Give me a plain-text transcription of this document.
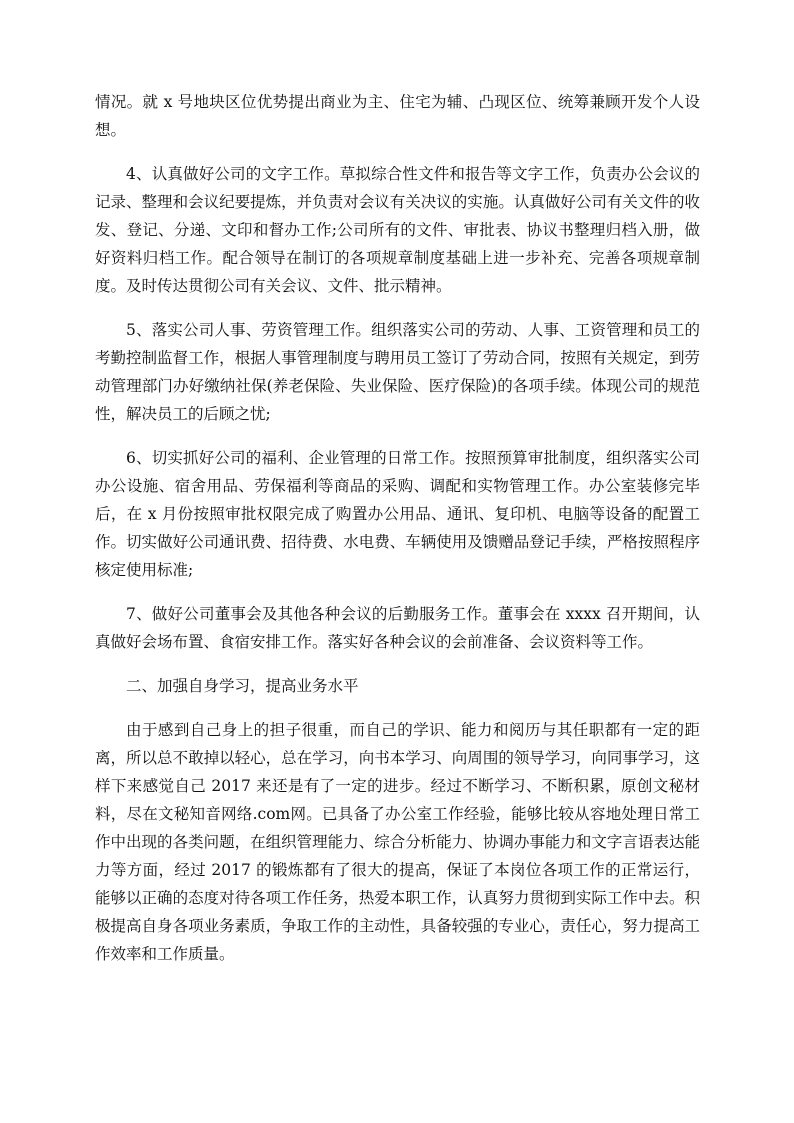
情况。就 x 号地块区位优势提出商业为主、住宅为辅、凸现区位、统筹兼顾开发个人设想。

4、认真做好公司的文字工作。草拟综合性文件和报告等文字工作，负责办公会议的记录、整理和会议纪要提炼，并负责对会议有关决议的实施。认真做好公司有关文件的收发、登记、分递、文印和督办工作;公司所有的文件、审批表、协议书整理归档入册，做好资料归档工作。配合领导在制订的各项规章制度基础上进一步补充、完善各项规章制度。及时传达贯彻公司有关会议、文件、批示精神。

5、落实公司人事、劳资管理工作。组织落实公司的劳动、人事、工资管理和员工的考勤控制监督工作，根据人事管理制度与聘用员工签订了劳动合同，按照有关规定，到劳动管理部门办好缴纳社保(养老保险、失业保险、医疗保险)的各项手续。体现公司的规范性，解决员工的后顾之忧;

6、切实抓好公司的福利、企业管理的日常工作。按照预算审批制度，组织落实公司办公设施、宿舍用品、劳保福利等商品的采购、调配和实物管理工作。办公室装修完毕后，在 x 月份按照审批权限完成了购置办公用品、通讯、复印机、电脑等设备的配置工作。切实做好公司通讯费、招待费、水电费、车辆使用及馈赠品登记手续，严格按照程序核定使用标准;

7、做好公司董事会及其他各种会议的后勤服务工作。董事会在 xxxx 召开期间，认真做好会场布置、食宿安排工作。落实好各种会议的会前准备、会议资料等工作。

二、加强自身学习，提高业务水平

由于感到自己身上的担子很重，而自己的学识、能力和阅历与其任职都有一定的距离，所以总不敢掉以轻心，总在学习，向书本学习、向周围的领导学习，向同事学习，这样下来感觉自己 2017 来还是有了一定的进步。经过不断学习、不断积累，原创文秘材料，尽在文秘知音网络.com网。已具备了办公室工作经验，能够比较从容地处理日常工作中出现的各类问题，在组织管理能力、综合分析能力、协调办事能力和文字言语表达能力等方面，经过 2017 的锻炼都有了很大的提高，保证了本岗位各项工作的正常运行，能够以正确的态度对待各项工作任务，热爱本职工作，认真努力贯彻到实际工作中去。积极提高自身各项业务素质，争取工作的主动性，具备较强的专业心，责任心，努力提高工作效率和工作质量。
